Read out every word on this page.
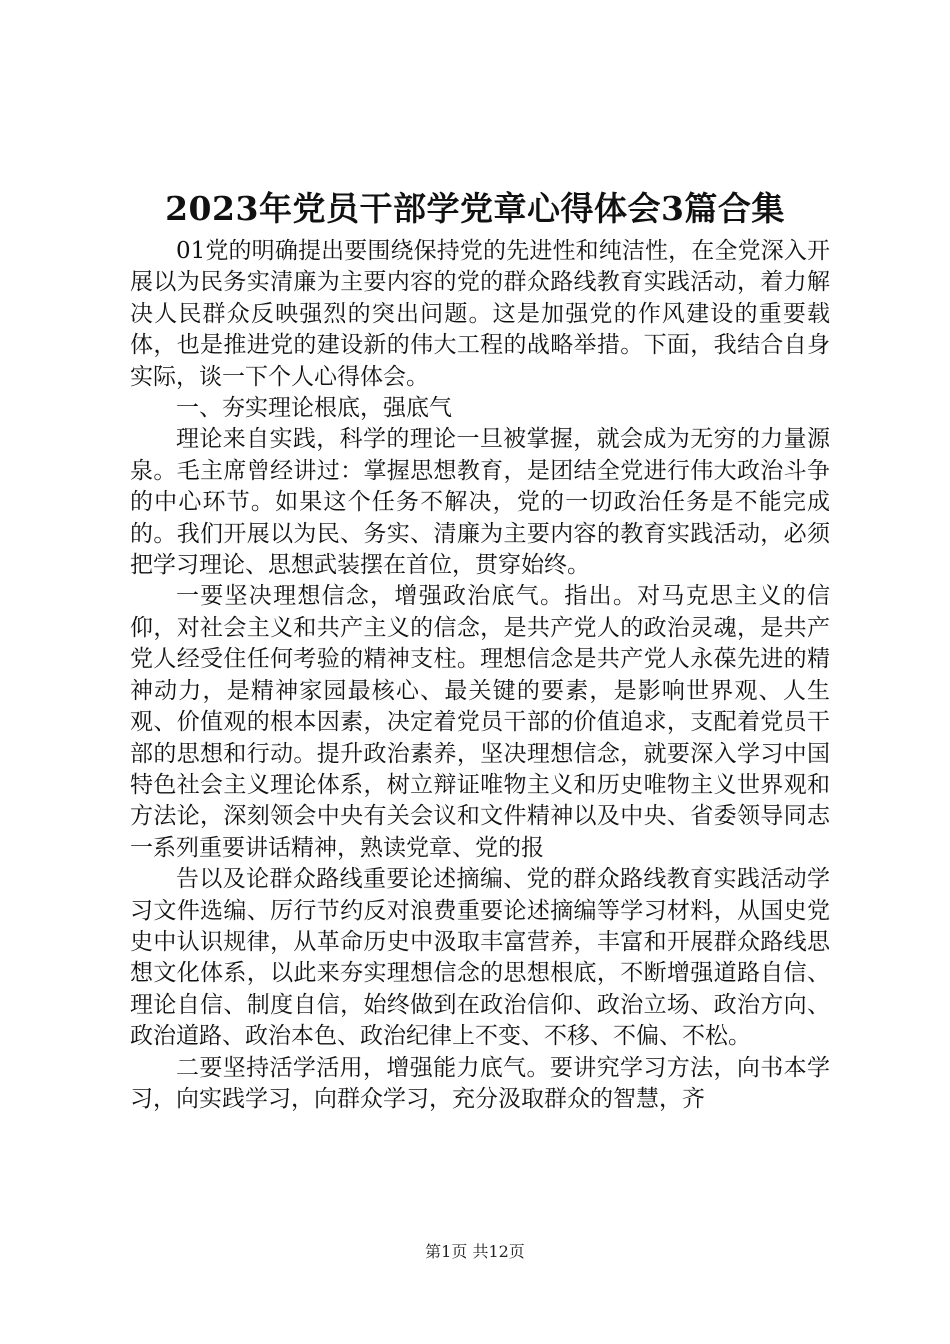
2023年党员干部学党章心得体会3篇合集

01党的明确提出要围绕保持党的先进性和纯洁性，在全党深入开展以为民务实清廉为主要内容的党的群众路线教育实践活动，着力解决人民群众反映强烈的突出问题。这是加强党的作风建设的重要载体，也是推进党的建设新的伟大工程的战略举措。下面，我结合自身实际，谈一下个人心得体会。

一、夯实理论根底，强底气

理论来自实践，科学的理论一旦被掌握，就会成为无穷的力量源泉。毛主席曾经讲过：掌握思想教育，是团结全党进行伟大政治斗争的中心环节。如果这个任务不解决，党的一切政治任务是不能完成的。我们开展以为民、务实、清廉为主要内容的教育实践活动，必须把学习理论、思想武装摆在首位，贯穿始终。

一要坚决理想信念，增强政治底气。指出。对马克思主义的信仰，对社会主义和共产主义的信念，是共产党人的政治灵魂，是共产党人经受住任何考验的精神支柱。理想信念是共产党人永葆先进的精神动力，是精神家园最核心、最关键的要素，是影响世界观、人生观、价值观的根本因素，决定着党员干部的价值追求，支配着党员干部的思想和行动。提升政治素养，坚决理想信念，就要深入学习中国特色社会主义理论体系，树立辩证唯物主义和历史唯物主义世界观和方法论，深刻领会中央有关会议和文件精神以及中央、省委领导同志一系列重要讲话精神，熟读党章、党的报

告以及论群众路线重要论述摘编、党的群众路线教育实践活动学习文件选编、厉行节约反对浪费重要论述摘编等学习材料，从国史党史中认识规律，从革命历史中汲取丰富营养，丰富和开展群众路线思想文化体系，以此来夯实理想信念的思想根底，不断增强道路自信、理论自信、制度自信，始终做到在政治信仰、政治立场、政治方向、政治道路、政治本色、政治纪律上不变、不移、不偏、不松。

二要坚持活学活用，增强能力底气。要讲究学习方法，向书本学习，向实践学习，向群众学习，充分汲取群众的智慧，齐

第1页 共12页
